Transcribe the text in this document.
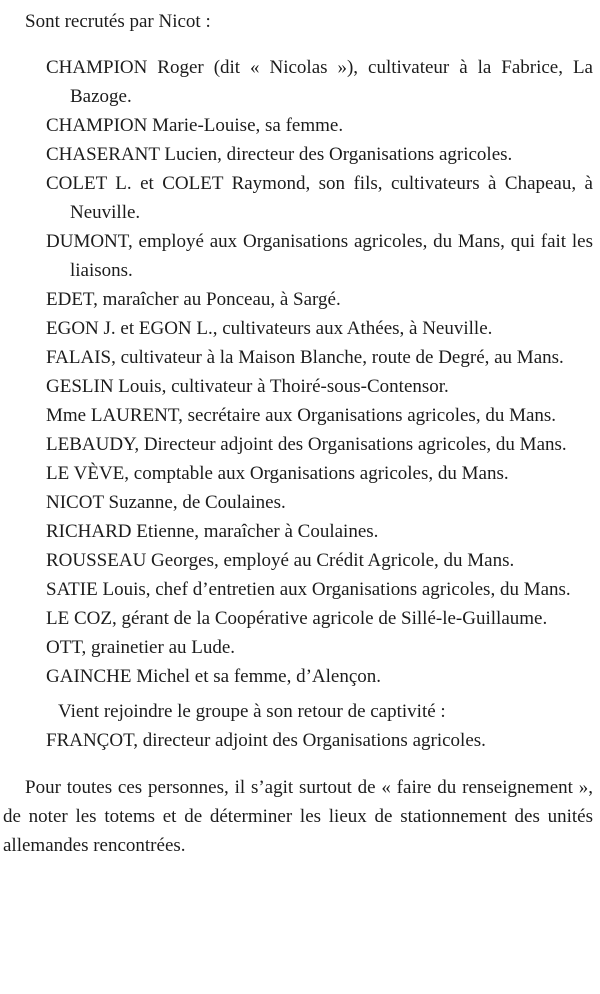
Sont recrutés par Nicot :

CHAMPION Roger (dit « Nicolas »), cultivateur à la Fabrice, La Bazoge.

CHAMPION Marie-Louise, sa femme.

CHASERANT Lucien, directeur des Organisations agricoles.

COLET L. et COLET Raymond, son fils, cultivateurs à Chapeau, à Neuville.

DUMONT, employé aux Organisations agricoles, du Mans, qui fait les liaisons.

EDET, maraîcher au Ponceau, à Sargé.

EGON J. et EGON L., cultivateurs aux Athées, à Neuville.

FALAIS, cultivateur à la Maison Blanche, route de Degré, au Mans.

GESLIN Louis, cultivateur à Thoiré-sous-Contensor.

Mme LAURENT, secrétaire aux Organisations agricoles, du Mans.

LEBAUDY, Directeur adjoint des Organisations agricoles, du Mans.

LE VÈVE, comptable aux Organisations agricoles, du Mans.

NICOT Suzanne, de Coulaines.

RICHARD Etienne, maraîcher à Coulaines.

ROUSSEAU Georges, employé au Crédit Agricole, du Mans.

SATIE Louis, chef d’entretien aux Organisations agricoles, du Mans.

LE COZ, gérant de la Coopérative agricole de Sillé-le-Guillaume.

OTT, grainetier au Lude.

GAINCHE Michel et sa femme, d’Alençon.

Vient rejoindre le groupe à son retour de captivité :

FRANÇOT, directeur adjoint des Organisations agricoles.

Pour toutes ces personnes, il s’agit surtout de « faire du renseignement », de noter les totems et de déterminer les lieux de stationnement des unités allemandes rencontrées.
